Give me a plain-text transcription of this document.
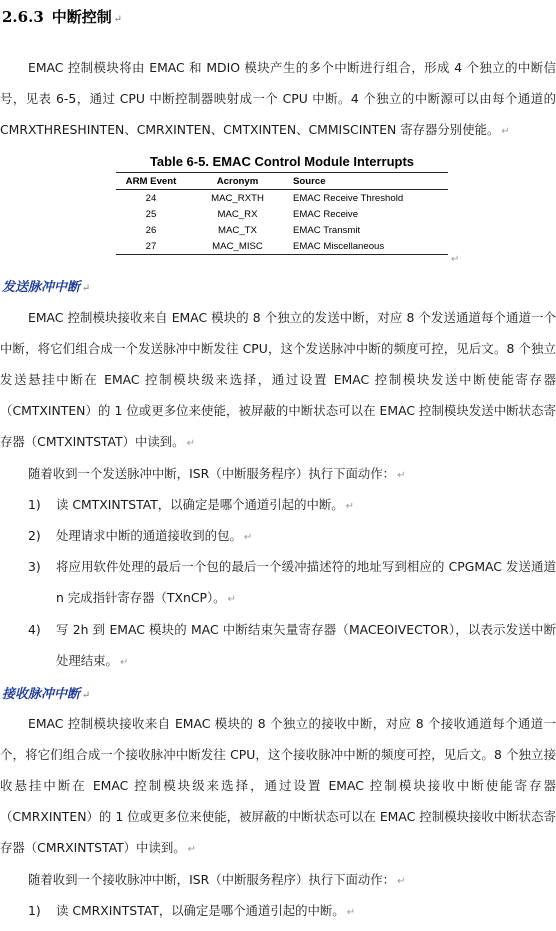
2.6.3 中断控制 ↵

EMAC 控制模块将由 EMAC 和 MDIO 模块产生的多个中断进行组合，形成 4 个独立的中断信号，见表 6-5，通过 CPU 中断控制器映射成一个 CPU 中断。4 个独立的中断源可以由每个通道的 CMRXTHRESHINTEN、CMRXINTEN、CMTXINTEN、CMMISCINTEN 寄存器分别使能。 ↵

Table 6-5. EMAC Control Module Interrupts
ARM Event	Acronym	Source
24	MAC_RXTH	EMAC Receive Threshold
25	MAC_RX	EMAC Receive
26	MAC_TX	EMAC Transmit
27	MAC_MISC	EMAC Miscellaneous
↵
发送脉冲中断 ↵

EMAC 控制模块接收来自 EMAC 模块的 8 个独立的发送中断，对应 8 个发送通道每个通道一个中断，将它们组合成一个发送脉冲中断发往 CPU，这个发送脉冲中断的频度可控，见后文。8 个独立发送悬挂中断在 EMAC 控制模块级来选择，通过设置 EMAC 控制模块发送中断使能寄存器（CMTXINTEN）的 1 位或更多位来使能，被屏蔽的中断状态可以在 EMAC 控制模块发送中断状态寄存器（CMTXINTSTAT）中读到。 ↵

随着收到一个发送脉冲中断，ISR（中断服务程序）执行下面动作： ↵

1) 读 CMTXINTSTAT，以确定是哪个通道引起的中断。 ↵
2) 处理请求中断的通道接收到的包。 ↵
3) 将应用软件处理的最后一个包的最后一个缓冲描述符的地址写到相应的 CPGMAC 发送通道 n 完成指针寄存器（TXnCP）。 ↵
4) 写 2h 到 EMAC 模块的 MAC 中断结束矢量寄存器（MACEOIVECTOR），以表示发送中断处理结束。 ↵
接收脉冲中断 ↵

EMAC 控制模块接收来自 EMAC 模块的 8 个独立的接收中断，对应 8 个接收通道每个通道一个，将它们组合成一个接收脉冲中断发往 CPU，这个接收脉冲中断的频度可控，见后文。8 个独立接收悬挂中断在 EMAC 控制模块级来选择，通过设置 EMAC 控制模块接收中断使能寄存器（CMRXINTEN）的 1 位或更多位来使能，被屏蔽的中断状态可以在 EMAC 控制模块接收中断状态寄存器（CMRXINTSTAT）中读到。 ↵

随着收到一个接收脉冲中断，ISR（中断服务程序）执行下面动作： ↵

1) 读 CMRXINTSTAT，以确定是哪个通道引起的中断。 ↵
